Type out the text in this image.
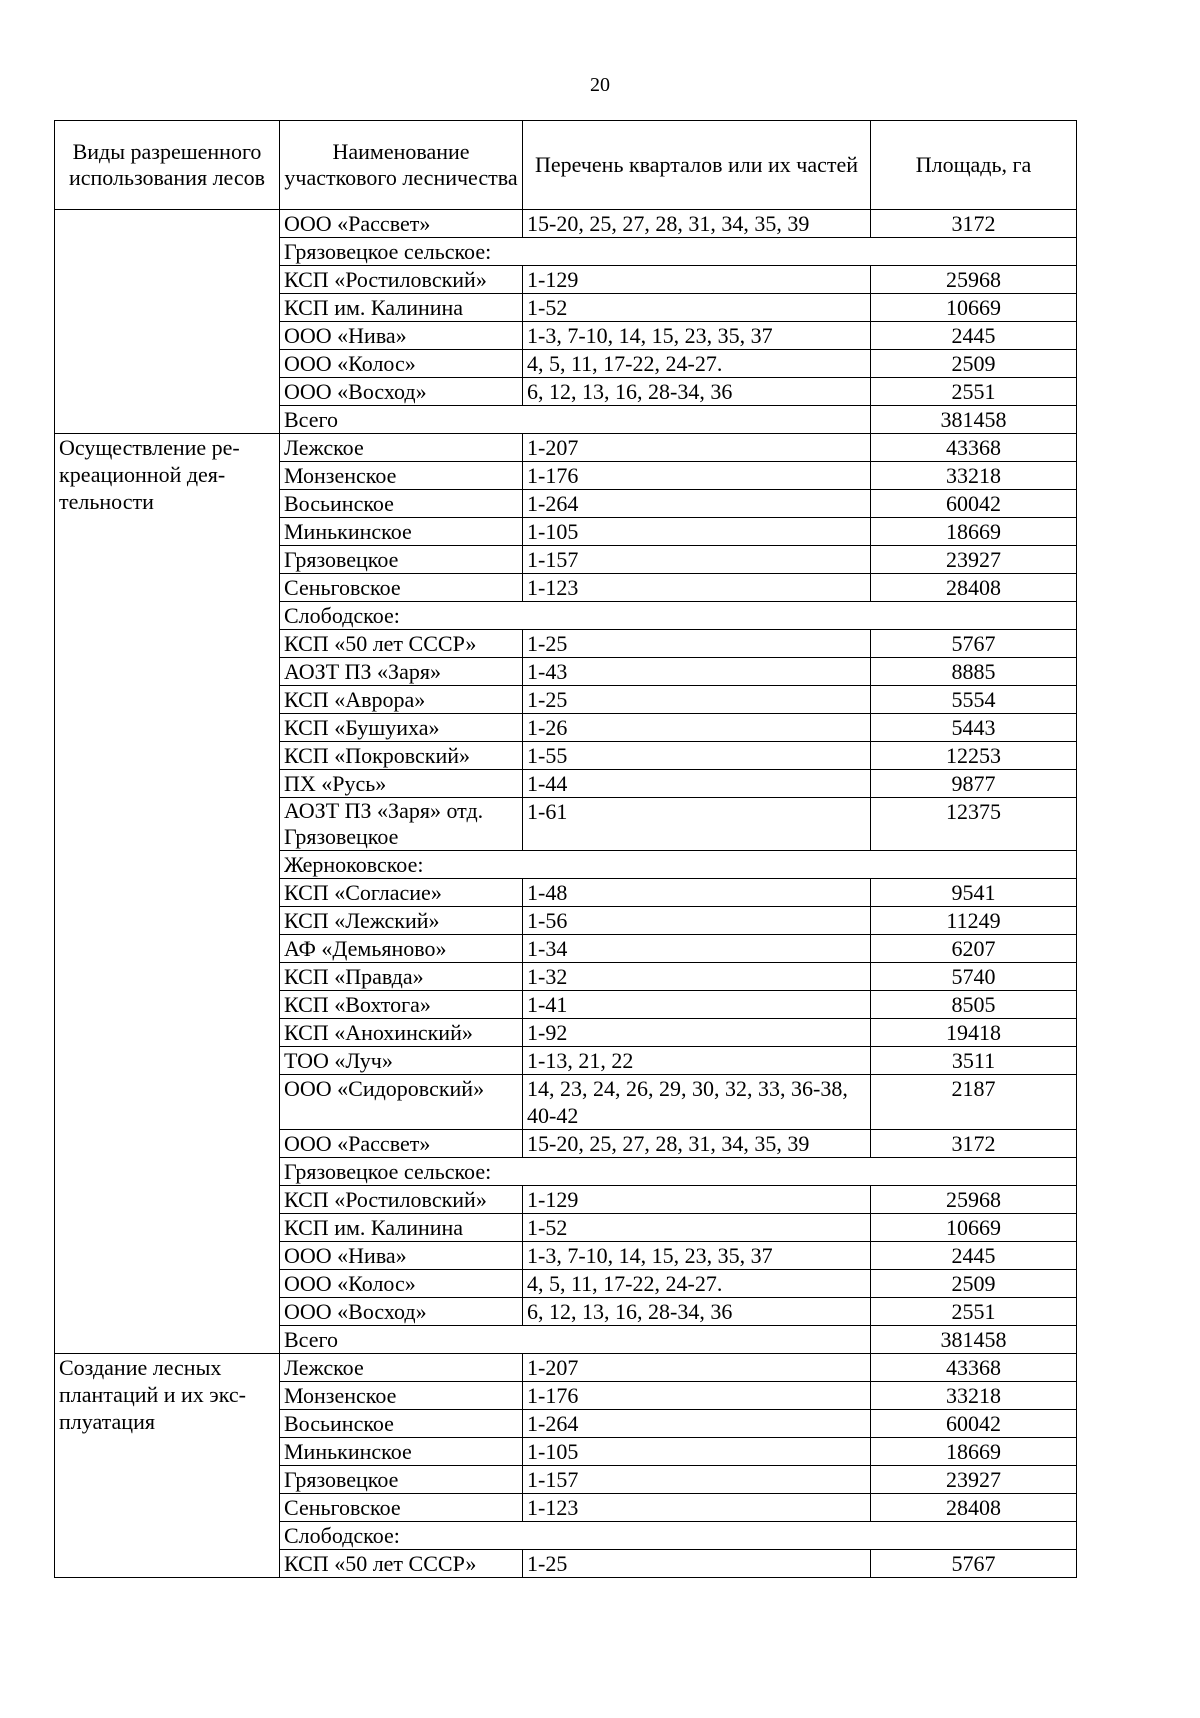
20
Виды разрешенного использования лесов	Наименование участкового лесничества	Перечень кварталов или их частей	Площадь, га
	ООО «Рассвет»	15-20, 25, 27, 28, 31, 34, 35, 39	3172
	Грязовецкое сельское:		
	КСП «Ростиловский»	1-129	25968
	КСП им. Калинина	1-52	10669
	ООО «Нива»	1-3, 7-10, 14, 15, 23, 35, 37	2445
	ООО «Колос»	4, 5, 11, 17-22, 24-27.	2509
	ООО «Восход»	6, 12, 13, 16, 28-34, 36	2551
	Всего		381458
Осуществление ре-креационной дея-тельности	Лежское	1-207	43368
	Монзенское	1-176	33218
	Восьинское	1-264	60042
	Минькинское	1-105	18669
	Грязовецкое	1-157	23927
	Сеньговское	1-123	28408
	Слободское:		
	КСП «50 лет СССР»	1-25	5767
	АОЗТ ПЗ «Заря»	1-43	8885
	КСП «Аврора»	1-25	5554
	КСП «Бушуиха»	1-26	5443
	КСП «Покровский»	1-55	12253
	ПХ «Русь»	1-44	9877
	АОЗТ ПЗ «Заря» отд. Грязовецкое	1-61	12375
	Жерноковское:		
	КСП «Согласие»	1-48	9541
	КСП «Лежский»	1-56	11249
	АФ «Демьяново»	1-34	6207
	КСП «Правда»	1-32	5740
	КСП «Вохтога»	1-41	8505
	КСП «Анохинский»	1-92	19418
	ТОО «Луч»	1-13, 21, 22	3511
	ООО «Сидоровский»	14, 23, 24, 26, 29, 30, 32, 33, 36-38, 40-42	2187
	ООО «Рассвет»	15-20, 25, 27, 28, 31, 34, 35, 39	3172
	Грязовецкое сельское:		
	КСП «Ростиловский»	1-129	25968
	КСП им. Калинина	1-52	10669
	ООО «Нива»	1-3, 7-10, 14, 15, 23, 35, 37	2445
	ООО «Колос»	4, 5, 11, 17-22, 24-27.	2509
	ООО «Восход»	6, 12, 13, 16, 28-34, 36	2551
	Всего		381458
Создание лесных плантаций и их экс-плуатация	Лежское	1-207	43368
	Монзенское	1-176	33218
	Восьинское	1-264	60042
	Минькинское	1-105	18669
	Грязовецкое	1-157	23927
	Сеньговское	1-123	28408
	Слободское:		
	КСП «50 лет СССР»	1-25	5767
